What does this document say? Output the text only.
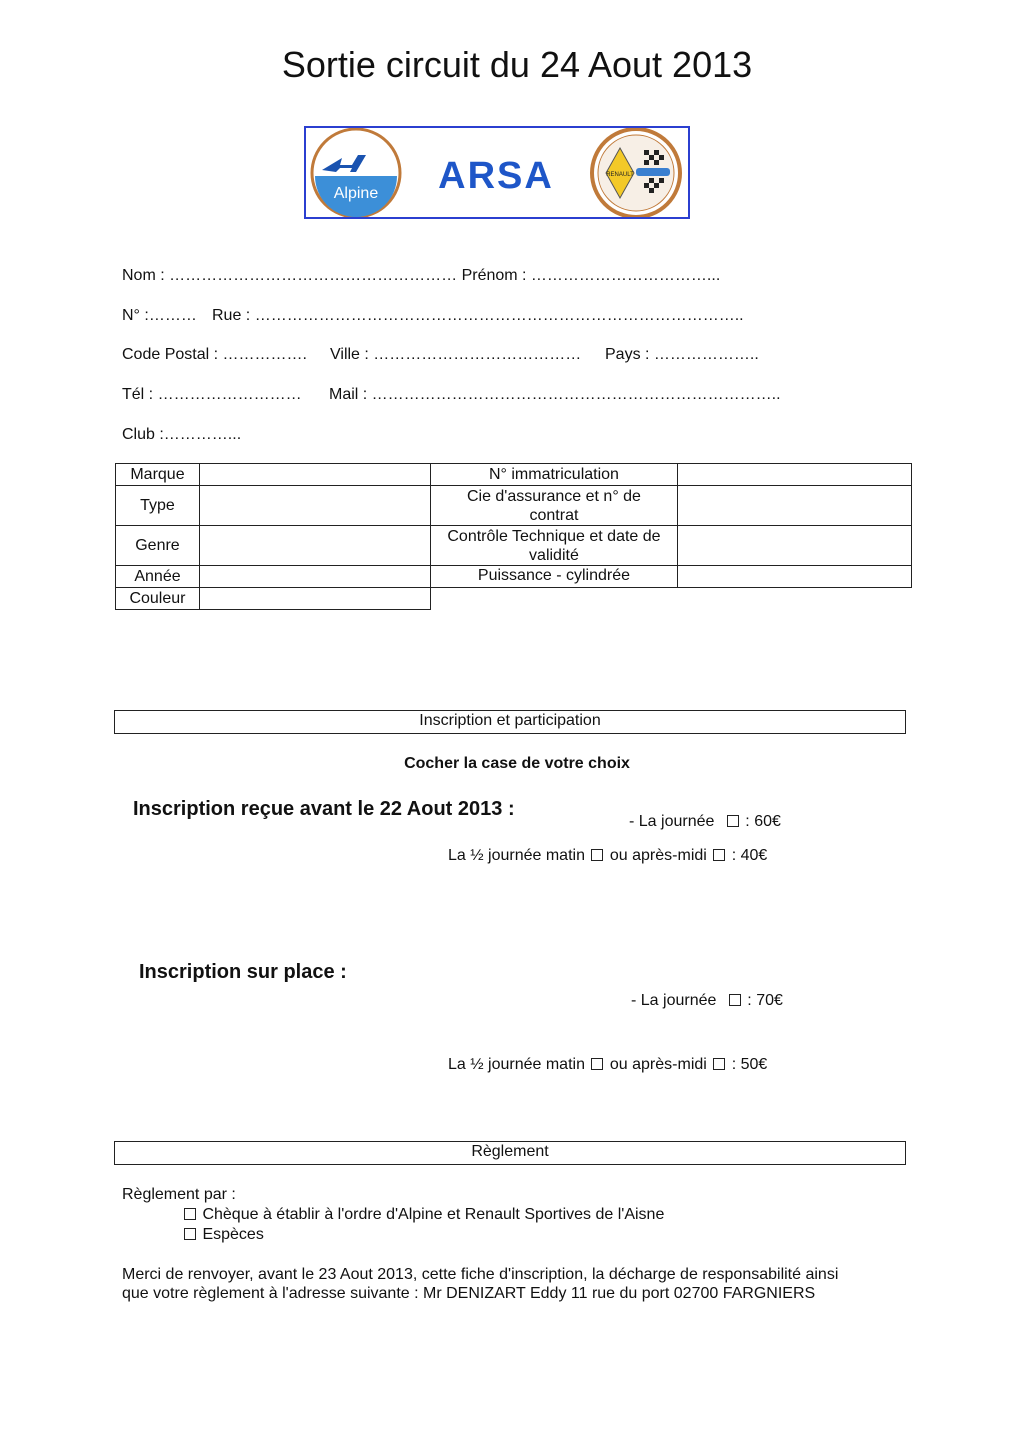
Sortie circuit du 24 Aout 2013
Alpine ARSA	RENAULT
Nom : ……………………………………………… Prénom : ……………………………...
N° :……… Rue : ………………………………………………………………………………..
Code Postal : ……………. Ville : ………………………………… Pays : ………………..
Tél : ……………………… Mail : …………………………………………………………………..
Club :…………...
Marque		N° immatriculation	
Type		Cie d'assurance et n° de contrat	
Genre		Contrôle Technique et date de validité	
Année		Puissance - cylindrée	
Couleur			
Inscription et participation
Cocher la case de votre choix
Inscription reçue avant le 22 Aout 2013 :
- La journée : 60€
La ½ journée matin ou après-midi : 40€
Inscription sur place :
- La journée : 70€
La ½ journée matin ou après-midi : 50€
Règlement
Règlement par :
Chèque à établir à l'ordre d'Alpine et Renault Sportives de l'Aisne
Espèces
Merci de renvoyer, avant le 23 Aout 2013, cette fiche d'inscription, la décharge de responsabilité ainsi
que votre règlement à l'adresse suivante : Mr DENIZART Eddy 11 rue du port 02700 FARGNIERS
